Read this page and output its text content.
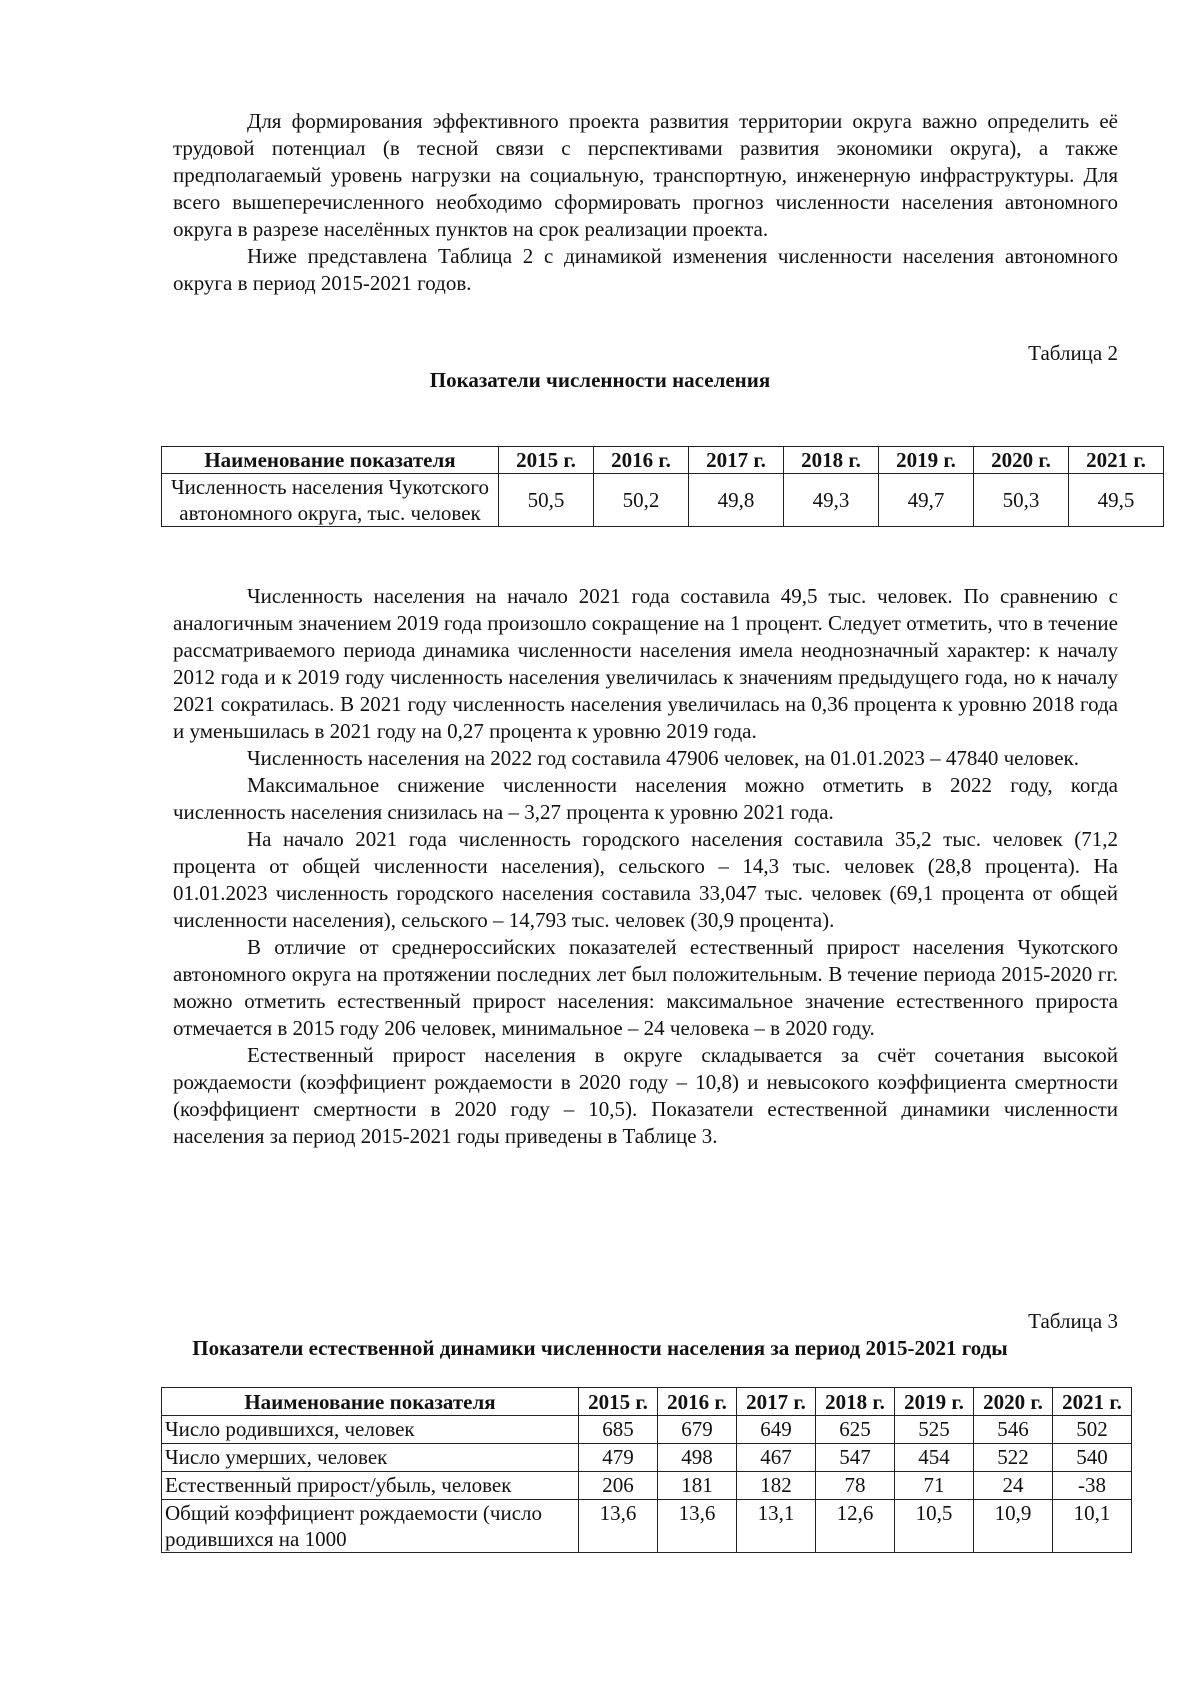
Для формирования эффективного проекта развития территории округа важно определить её трудовой потенциал (в тесной связи с перспективами развития экономики округа), а также предполагаемый уровень нагрузки на социальную, транспортную, инженерную инфраструктуры. Для всего вышеперечисленного необходимо сформировать прогноз численности населения автономного округа в разрезе населённых пунктов на срок реализации проекта.

Ниже представлена Таблица 2 с динамикой изменения численности населения автономного округа в период 2015-2021 годов.

Таблица 2

Показатели численности населения

Наименование показателя	2015 г.	2016 г.	2017 г.	2018 г.	2019 г.	2020 г.	2021 г.
Численность населения Чукотского автономного округа, тыс. человек	50,5	50,2	49,8	49,3	49,7	50,3	49,5

Численность населения на начало 2021 года составила 49,5 тыс. человек. По сравнению с аналогичным значением 2019 года произошло сокращение на 1 процент. Следует отметить, что в течение рассматриваемого периода динамика численности населения имела неоднозначный характер: к началу 2012 года и к 2019 году численность населения увеличилась к значениям предыдущего года, но к началу 2021 сократилась. В 2021 году численность населения увеличилась на 0,36 процента к уровню 2018 года и уменьшилась в 2021 году на 0,27 процента к уровню 2019 года.

Численность населения на 2022 год составила 47906 человек, на 01.01.2023 – 47840 человек.

Максимальное снижение численности населения можно отметить в 2022 году, когда численность населения снизилась на – 3,27 процента к уровню 2021 года.

На начало 2021 года численность городского населения составила 35,2 тыс. человек (71,2 процента от общей численности населения), сельского – 14,3 тыс. человек (28,8 процента). На 01.01.2023 численность городского населения составила 33,047 тыс. человек (69,1 процента от общей численности населения), сельского – 14,793 тыс. человек (30,9 процента).

В отличие от среднероссийских показателей естественный прирост населения Чукотского автономного округа на протяжении последних лет был положительным. В течение периода 2015-2020 гг. можно отметить естественный прирост населения: максимальное значение естественного прироста отмечается в 2015 году 206 человек, минимальное – 24 человека – в 2020 году.

Естественный прирост населения в округе складывается за счёт сочетания высокой рождаемости (коэффициент рождаемости в 2020 году – 10,8) и невысокого коэффициента смертности (коэффициент смертности в 2020 году – 10,5). Показатели естественной динамики численности населения за период 2015-2021 годы приведены в Таблице 3.

Таблица 3

Показатели естественной динамики численности населения за период 2015-2021 годы

Наименование показателя	2015 г.	2016 г.	2017 г.	2018 г.	2019 г.	2020 г.	2021 г.
Число родившихся, человек	685	679	649	625	525	546	502
Число умерших, человек	479	498	467	547	454	522	540
Естественный прирост/убыль, человек	206	181	182	78	71	24	-38
Общий коэффициент рождаемости (число родившихся на 1000	13,6	13,6	13,1	12,6	10,5	10,9	10,1
